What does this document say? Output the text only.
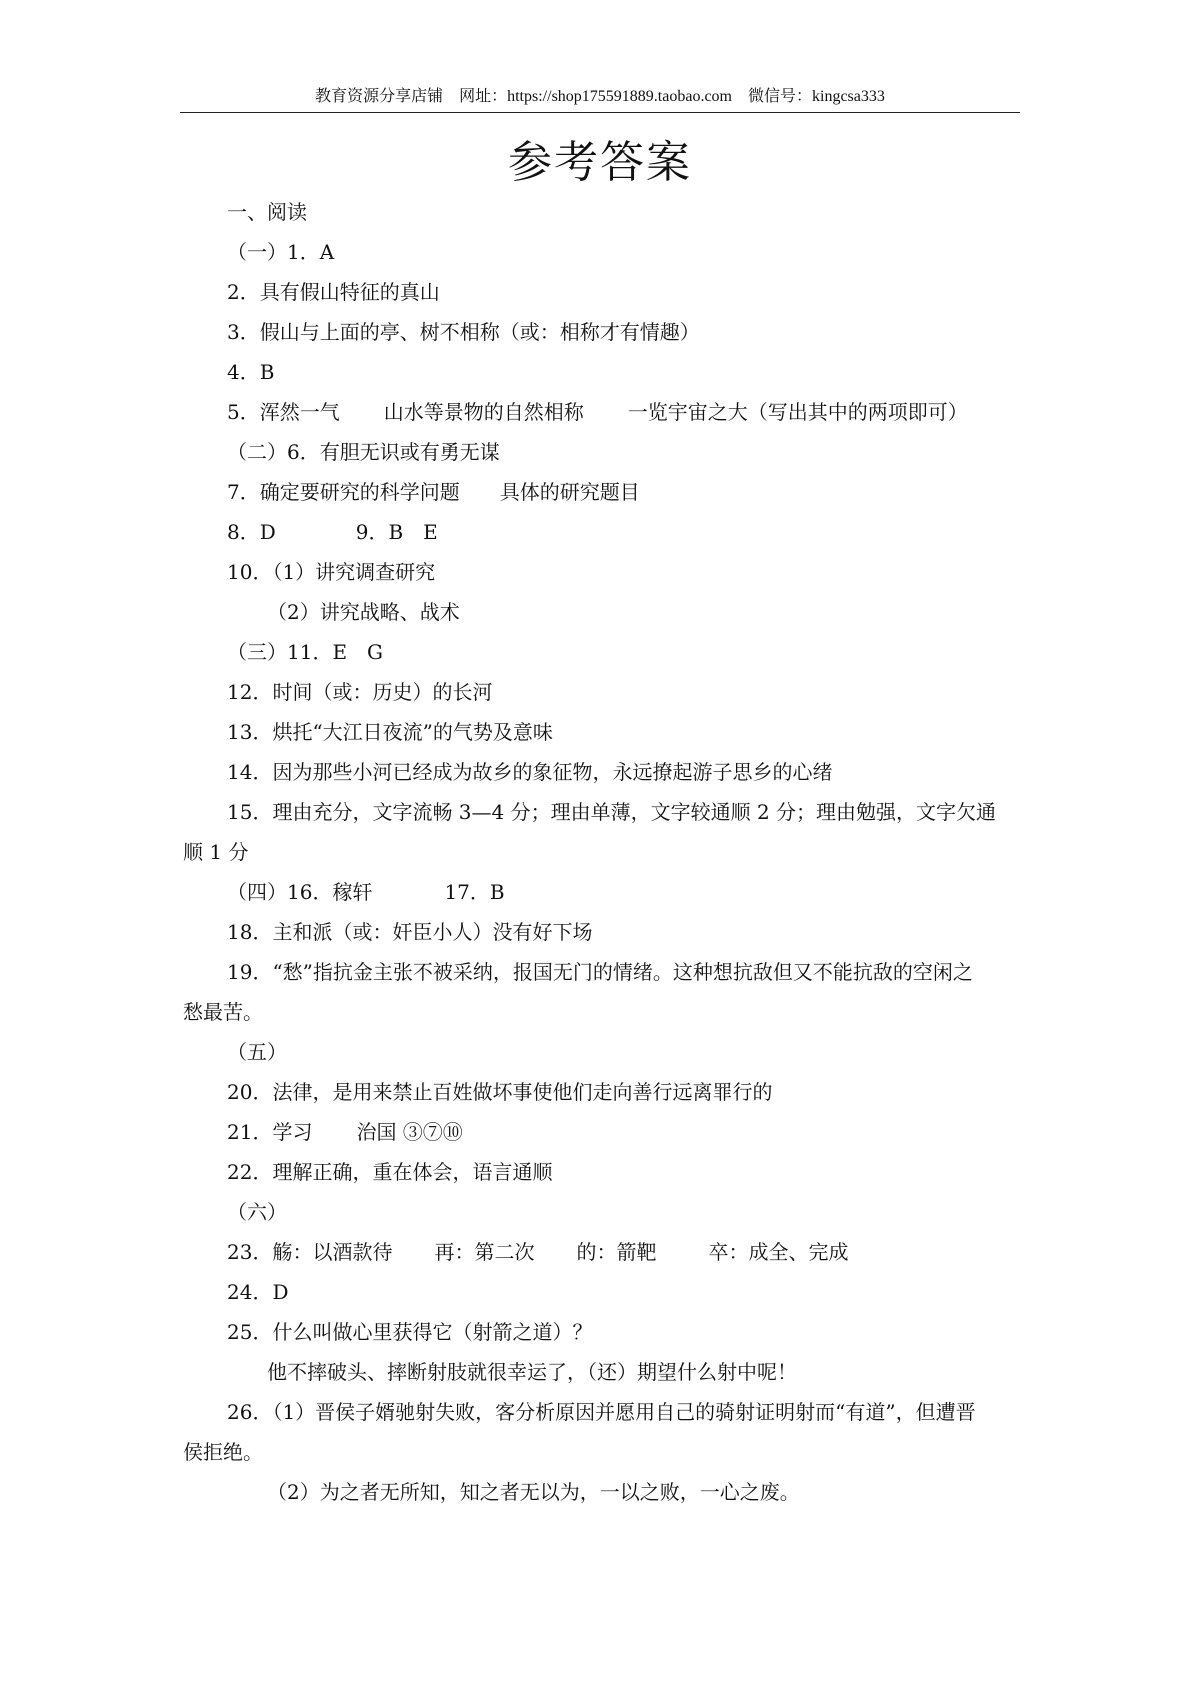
教育资源分享店铺 网址：https://shop175591889.taobao.com 微信号：kingcsa333
参考答案
一、阅读
（一）1．A
2．具有假山特征的真山
3．假山与上面的亭、树不相称（或：相称才有情趣）
4．B
5．浑然一气 山水等景物的自然相称 一览宇宙之大（写出其中的两项即可）
（二）6．有胆无识或有勇无谋
7．确定要研究的科学问题 具体的研究题目
8．D	9．B　E
10．（1）讲究调查研究
（2）讲究战略、战术
（三）11．E　G
12．时间（或：历史）的长河
13．烘托“大江日夜流”的气势及意味
14．因为那些小河已经成为故乡的象征物，永远撩起游子思乡的心绪
15．理由充分，文字流畅 3—4 分；理由单薄，文字较通顺 2 分；理由勉强，文字欠通
顺 1 分
（四）16．稼轩	17．B
18．主和派（或：奸臣小人）没有好下场
19．“愁”指抗金主张不被采纳，报国无门的情绪。这种想抗敌但又不能抗敌的空闲之
愁最苦。
（五）
20．法律，是用来禁止百姓做坏事使他们走向善行远离罪行的
21．学习 治国 ③⑦⑩
22．理解正确，重在体会，语言通顺
（六）
23．觞：以酒款待 再：第二次 的：箭靶	卒：成全、完成
24．D
25．什么叫做心里获得它（射箭之道）？
他不摔破头、摔断射肢就很幸运了，（还）期望什么射中呢！
26．（1）晋侯子婿驰射失败，客分析原因并愿用自己的骑射证明射而“有道”，但遭晋
侯拒绝。
（2）为之者无所知，知之者无以为，一以之败，一心之废。
